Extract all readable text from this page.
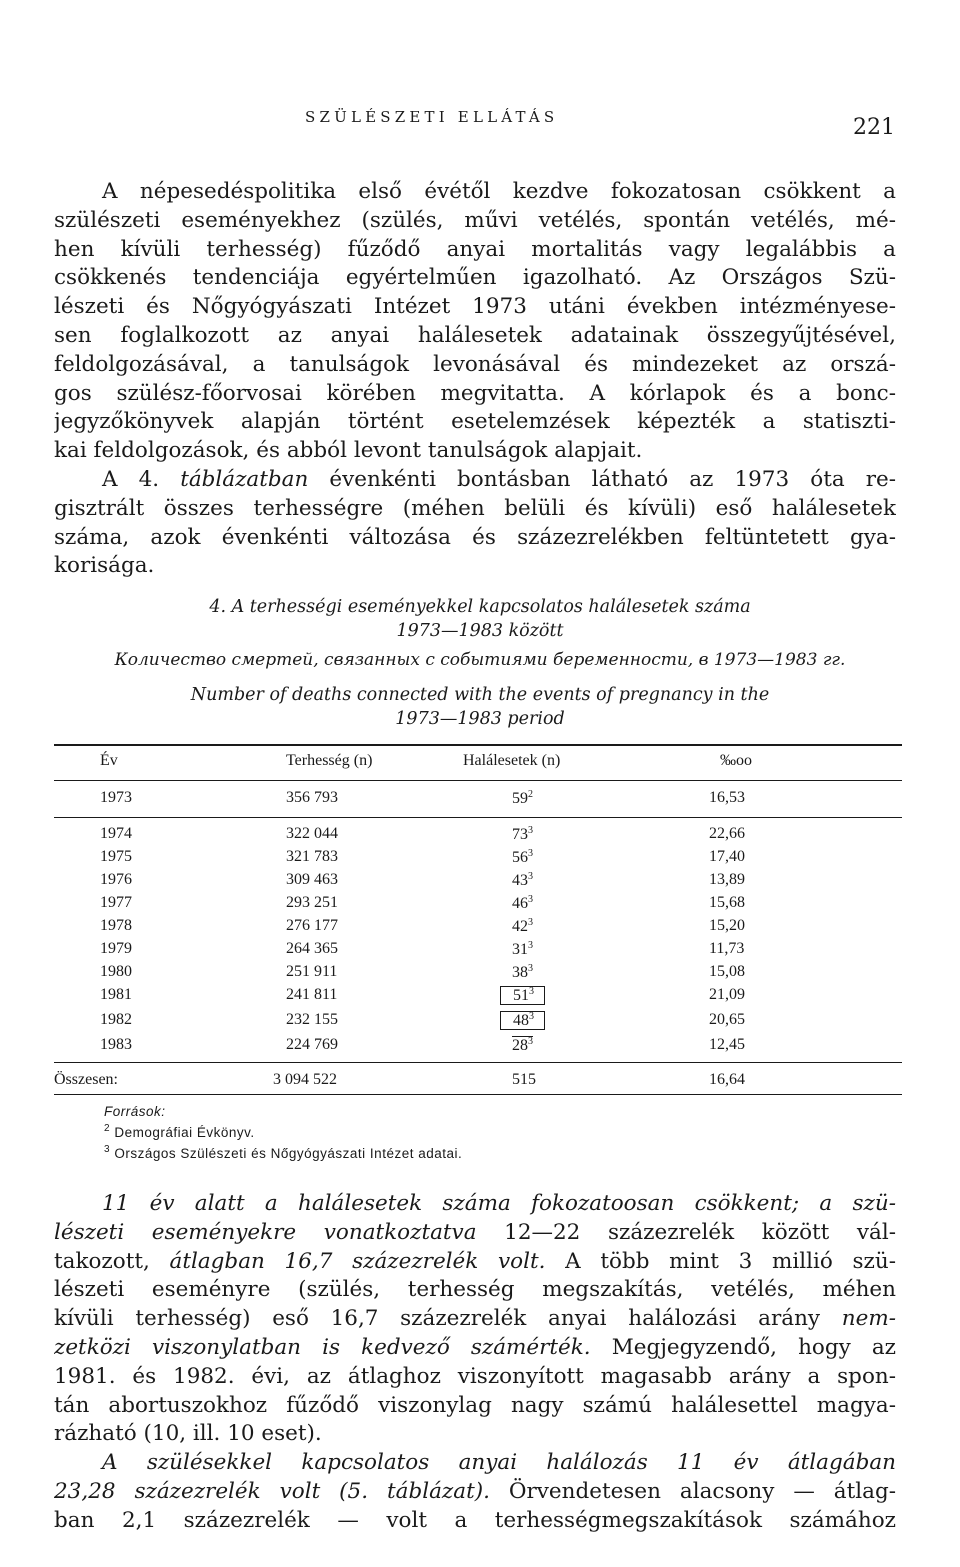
SZÜLÉSZETI ELLÁTÁS	221
A népesedéspolitika első évétől kezdve fokozatosan csökkent a
szülészeti eseményekhez (szülés, művi vetélés, spontán vetélés, mé-
hen kívüli terhesség) fűződő anyai mortalitás vagy legalábbis a
csökkenés tendenciája egyértelműen igazolható. Az Országos Szü-
lészeti és Nőgyógyászati Intézet 1973 utáni években intézményese-
sen foglalkozott az anyai halálesetek adatainak összegyűjtésével,
feldolgozásával, a tanulságok levonásával és mindezeket az orszá-
gos szülész-főorvosai körében megvitatta. A kórlapok és a bonc-
jegyzőkönyvek alapján történt esetelemzések képezték a statiszti-
kai feldolgozások, és abból levont tanulságok alapjait.
A 4. táblázatban évenkénti bontásban látható az 1973 óta re-
gisztrált összes terhességre (méhen belüli és kívüli) eső halálesetek
száma, azok évenkénti változása és százezrelékben feltüntetett gya-
korisága.
4. A terhességi eseményekkel kapcsolatos halálesetek száma
1973—1983 között
Количество смертей, связанных с событиями беременности, в 1973—1983 гг.
Number of deaths connected with the events of pregnancy in the
1973—1983 period
Év	Terhesség (n)	Halálesetek (n)	‰oo
1973	356 793	$59^2$	16,53
1974	322 044	$73^3$	22,66
1975	321 783	$56^3$	17,40
1976	309 463	$43^3$	13,89
1977	293 251	$46^3$	15,68
1978	276 177	$42^3$	15,20
1979	264 365	$31^3$	11,73
1980	251 911	$38^3$	15,08
1981	241 811	$51^3$	21,09
1982	232 155	$48^3$	20,65
1983	224 769	$28^3$	12,45
Összesen:	3 094 522	515	16,64
Források:
$^2$ Demográfiai Évkönyv.
$^3$ Országos Szülészeti és Nőgyógyászati Intézet adatai.
11 év alatt a halálesetek száma fokozatoosan csökkent; a szü-
lészeti eseményekre vonatkoztatva 12—22 százezrelék között vál-
takozott, átlagban 16,7 százezrelék volt. A több mint 3 millió szü-
lészeti eseményre (szülés, terhesség megszakítás, vetélés, méhen
kívüli terhesség) eső 16,7 százezrelék anyai halálozási arány nem-
zetközi viszonylatban is kedvező számérték. Megjegyzendő, hogy az
1981. és 1982. évi, az átlaghoz viszonyított magasabb arány a spon-
tán abortuszokhoz fűződő viszonylag nagy számú halálesettel magya-
rázható (10, ill. 10 eset).
A szülésekkel kapcsolatos anyai halálozás 11 év átlagában
23,28 százezrelék volt (5. táblázat). Örvendetesen alacsony — átlag-
ban 2,1 százezrelék — volt a terhességmegszakítások számához
